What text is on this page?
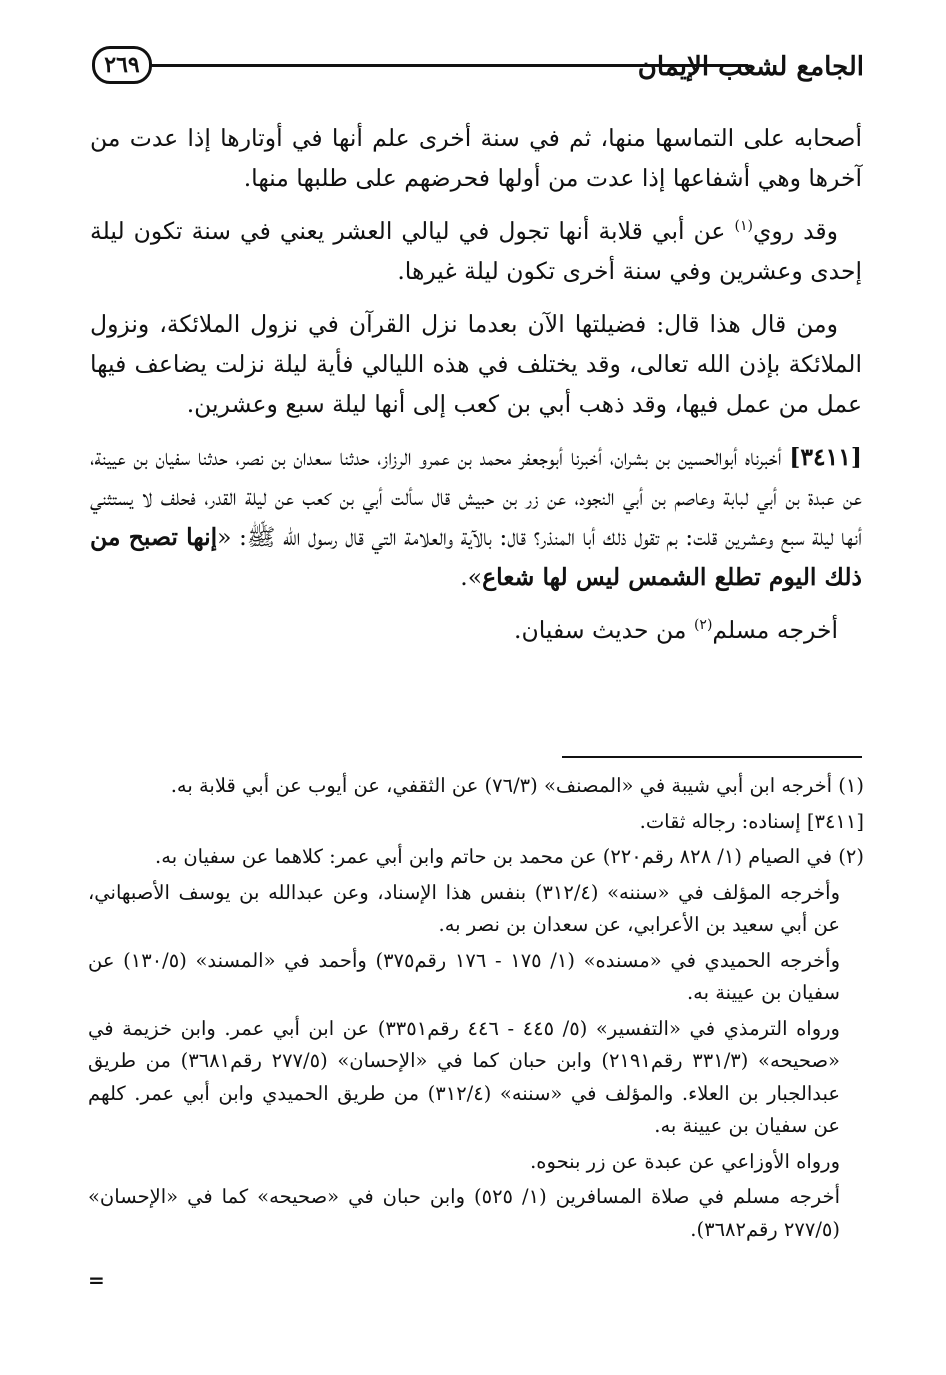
٢٦٩	الجامع لشعب الإيمان

أصحابه على التماسها منها، ثم في سنة أخرى علم أنها في أوتارها إذا عدت من آخرها وهي أشفاعها إذا عدت من أولها فحرضهم على طلبها منها.

وقد روي$^{(١)}$ عن أبي قلابة أنها تجول في ليالي العشر يعني في سنة تكون ليلة إحدى وعشرين وفي سنة أخرى تكون ليلة غيرها.

ومن قال هذا قال: فضيلتها الآن بعدما نزل القرآن في نزول الملائكة، ونزول الملائكة بإذن الله تعالى، وقد يختلف في هذه الليالي فأية ليلة نزلت يضاعف فيها عمل من عمل فيها، وقد ذهب أبي بن كعب إلى أنها ليلة سبع وعشرين.

[٣٤١١] أخبرناه أبوالحسين بن بشران، أخبرنا أبوجعفر محمد بن عمرو الرزاز، حدثنا سعدان بن نصر، حدثنا سفيان بن عيينة، عن عبدة بن أبي لبابة وعاصم بن أبي النجود، عن زر بن حبيش قال سألت أبي بن كعب عن ليلة القدر، فحلف لا يستثني أنها ليلة سبع وعشرين قلت: بم تقول ذلك أبا المنذر؟ قال: بالآية والعلامة التي قال رسول الله ﷺ: «إنها تصبح من ذلك اليوم تطلع الشمس ليس لها شعاع».

أخرجه مسلم$^{(٢)}$ من حديث سفيان.

(١) أخرجه ابن أبي شيبة في «المصنف» (٧٦/٣) عن الثقفي، عن أيوب عن أبي قلابة به.

[٣٤١١] إسناده: رجاله ثقات.

(٢) في الصيام (١/ ٨٢٨ رقم٢٢٠) عن محمد بن حاتم وابن أبي عمر: كلاهما عن سفيان به.

وأخرجه المؤلف في «سننه» (٣١٢/٤) بنفس هذا الإسناد، وعن عبدالله بن يوسف الأصبهاني، عن أبي سعيد بن الأعرابي، عن سعدان بن نصر به.

وأخرجه الحميدي في «مسنده» (١/ ١٧٥ - ١٧٦ رقم٣٧٥) وأحمد في «المسند» (١٣٠/٥) عن سفيان بن عيينة به.

ورواه الترمذي في «التفسير» (٥/ ٤٤٥ - ٤٤٦ رقم٣٣٥١) عن ابن أبي عمر. وابن خزيمة في «صحيحه» (٣٣١/٣ رقم٢١٩١) وابن حبان كما في «الإحسان» (٢٧٧/٥ رقم٣٦٨١) من طريق عبدالجبار بن العلاء. والمؤلف في «سننه» (٣١٢/٤) من طريق الحميدي وابن أبي عمر. كلهم عن سفيان بن عيينة به.

ورواه الأوزاعي عن عبدة عن زر بنحوه.

أخرجه مسلم في صلاة المسافرين (١/ ٥٢٥) وابن حبان في «صحيحه» كما في «الإحسان» (٢٧٧/٥ رقم٣٦٨٢).

=
